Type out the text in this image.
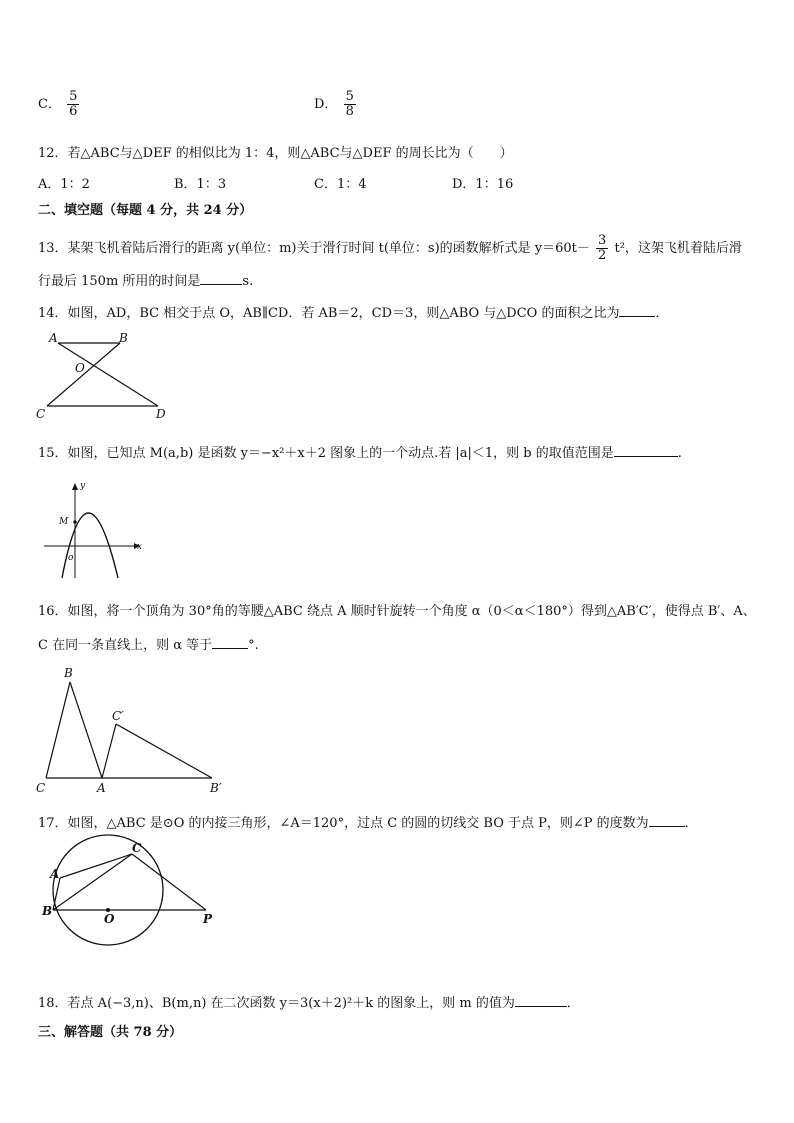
C． $\frac{5}{6}$	D． $\frac{5}{8}$
12．若△ABC与△DEF 的相似比为 1：4，则△ABC与△DEF 的周长比为（　　）
A．1：2	B．1：3	C．1：4	D．1：16
二、填空题（每题 4 分，共 24 分）
13．某架飞机着陆后滑行的距离 y(单位：m)关于滑行时间 t(单位：s)的函数解析式是 $y=60t- \frac{3}{2} t^2$，这架飞机着陆后滑
行最后 150m 所用的时间是	s.
14．如图，AD，BC 相交于点 O，AB∥CD．若 AB＝2，CD＝3，则△ABO 与△DCO 的面积之比为	．
A	B
O
C	D
15．如图，已知点 M(a,b) 是函数 y＝−x²＋x＋2 图象上的一个动点.若 |a|＜1，则 b 的取值范围是	.
y
M
x
o
16．如图，将一个顶角为 30°角的等腰△ABC 绕点 A 顺时针旋转一个角度 α（0＜α＜180°）得到△AB′C′，使得点 B′、A、
C 在同一条直线上，则 α 等于	°.
B
C′
C	A	B′
17．如图，△ABC 是⊙O 的内接三角形，∠A＝120°，过点 C 的圆的切线交 BO 于点 P，则∠P 的度数为	．
C
A
B
O	P
18．若点 A(−3,n)、B(m,n) 在二次函数 y＝3(x＋2)²＋k 的图象上，则 m 的值为	．
三、解答题（共 78 分）
